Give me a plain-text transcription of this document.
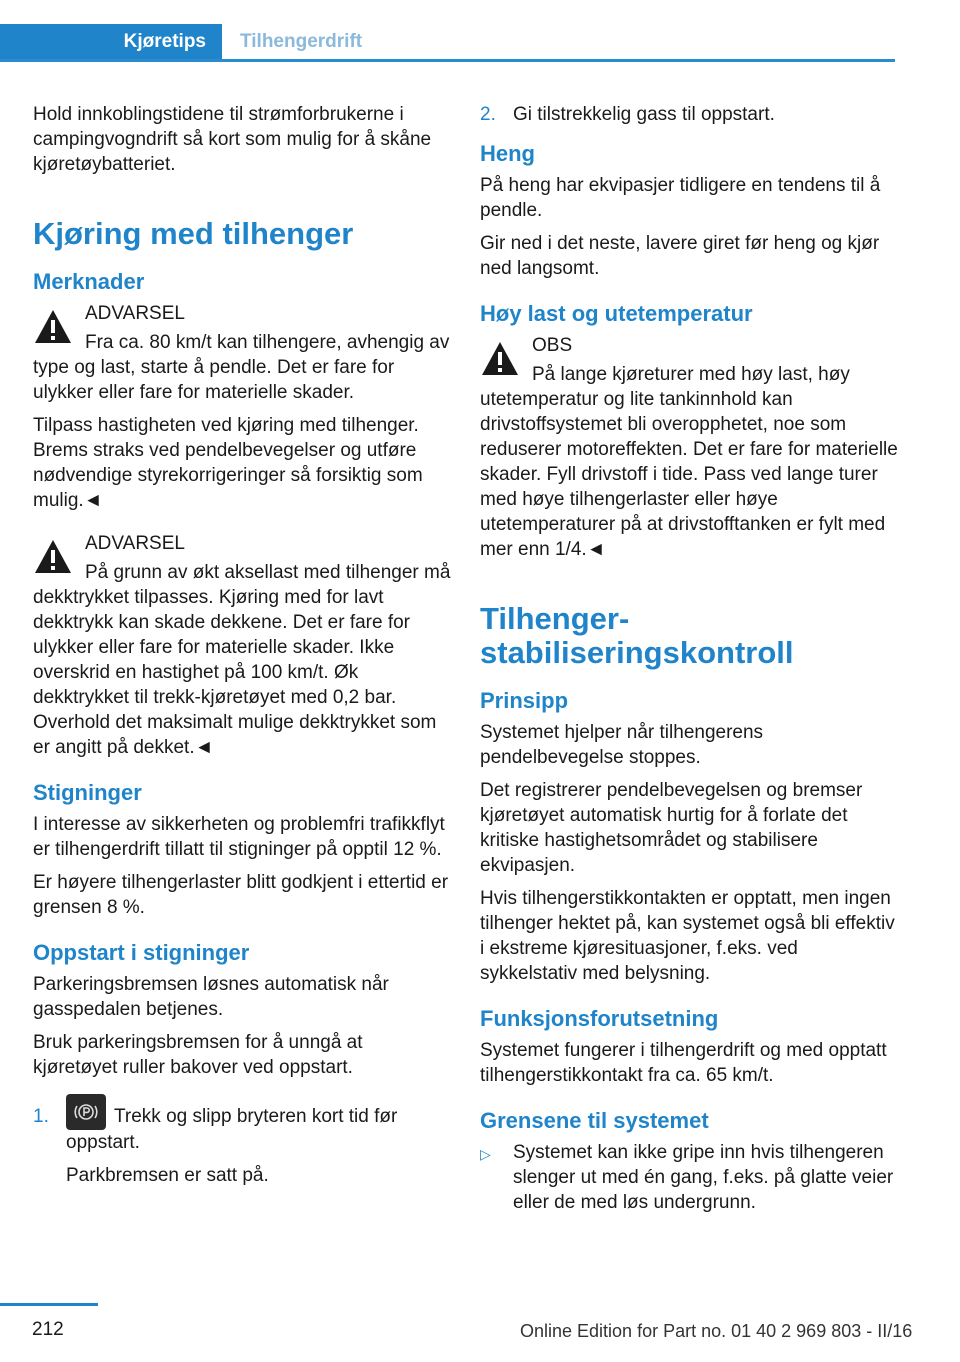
Kjøretips	Tilhengerdrift

Hold innkoblingstidene til strømforbrukerne i campingvogndrift så kort som mulig for å skåne kjøretøybatteriet.

Kjøring med tilhenger
Merknader
ADVARSEL
Fra ca. 80 km/t kan tilhengere, avhengig av type og last, starte å pendle. Det er fare for ulykker eller fare for materielle skader.

Tilpass hastigheten ved kjøring med tilhenger. Brems straks ved pendelbevegelser og utføre nødvendige styrekorrigeringer så forsiktig som mulig.◄

ADVARSEL
På grunn av økt aksellast med tilhenger må dekktrykket tilpasses. Kjøring med for lavt dekktrykk kan skade dekkene. Det er fare for ulykker eller fare for materielle skader. Ikke overskrid en hastighet på 100 km/t. Øk dekktrykket til trekk-kjøretøyet med 0,2 bar. Overhold det maksimalt mulige dekktrykket som er angitt på dekket.◄
Stigninger

I interesse av sikkerheten og problemfri trafikkflyt er tilhengerdrift tillatt til stigninger på opptil 12 %.

Er høyere tilhengerlaster blitt godkjent i ettertid er grensen 8 %.

Oppstart i stigninger

Parkeringsbremsen løsnes automatisk når gasspedalen betjenes.

Bruk parkeringsbremsen for å unngå at kjøretøyet ruller bakover ved oppstart.

1.	Trekk og slipp bryteren kort tid før oppstart.
Parkbremsen er satt på.
2. Gi tilstrekkelig gass til oppstart.
Heng

På heng har ekvipasjer tidligere en tendens til å pendle.

Gir ned i det neste, lavere giret før heng og kjør ned langsomt.

Høy last og utetemperatur
OBS
På lange kjøreturer med høy last, høy utetemperatur og lite tankinnhold kan drivstoffsystemet bli overopphetet, noe som reduserer motoreffekten. Det er fare for materielle skader. Fyll drivstoff i tide. Pass ved lange turer med høye tilhengerlaster eller høye utetemperaturer på at drivstofftanken er fylt med mer enn 1/4.◄
Tilhenger-stabiliseringskontroll
Prinsipp

Systemet hjelper når tilhengerens pendelbevegelse stoppes.

Det registrerer pendelbevegelsen og bremser kjøretøyet automatisk hurtig for å forlate det kritiske hastighetsområdet og stabilisere ekvipasjen.

Hvis tilhengerstikkontakten er opptatt, men ingen tilhenger hektet på, kan systemet også bli effektiv i ekstreme kjøresituasjoner, f.eks. ved sykkelstativ med belysning.

Funksjonsforutsetning

Systemet fungerer i tilhengerdrift og med opptatt tilhengerstikkontakt fra ca. 65 km/t.

Grensene til systemet
▷	Systemet kan ikke gripe inn hvis tilhengeren slenger ut med én gang, f.eks. på glatte veier eller de med løs undergrunn.
212	Online Edition for Part no. 01 40 2 969 803 - II/16
